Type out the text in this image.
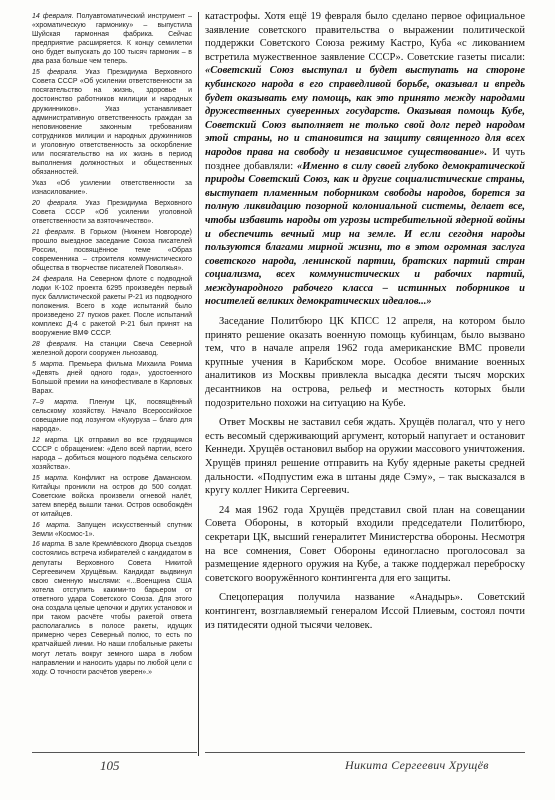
14 февраля. Полуавтоматический инструмент – «хроматическую гармонику» – выпустила Шуйская гармонная фабрика. Сейчас предприятие расширяется. К концу семилетки оно будет выпускать до 100 тысяч гармоник – в два раза больше чем теперь.

15 февраля. Указ Президиума Верховного Совета СССР «Об усилении ответственности за посягательство на жизнь, здоровье и достоинство работников милиции и народных дружинников». Указ устанавливает административную ответственность граждан за неповиновение законным требованиям сотрудников милиции и народных дружинников и уголовную ответственность за оскорбление или посягательство на их жизнь в период выполнения должностных и общественных обязанностей.

Указ «Об усилении ответственности за изнасилование».

20 февраля. Указ Президиума Верховного Совета СССР «Об усилении уголовной ответственности за взяточничество».

21 февраля. В Горьком (Нижнем Новгороде) прошло выездное заседание Союза писателей России, посвящённое теме «Образ современника – строителя коммунистического общества в творчестве писателей Поволжья».

24 февраля. На Северном флоте с подводной лодки К-102 проекта 6295 произведён первый пуск баллистической ракеты Р-21 из подводного положения. Всего в ходе испытаний было произведено 27 пусков ракет. После испытаний комплекс Д-4 с ракетой Р-21 был принят на вооружение ВМФ СССР.

28 февраля. На станции Свеча Северной железной дороги сооружен льнозавод.

5 марта. Премьера фильма Михаила Ромма «Девять дней одного года», удостоенного Большой премии на кинофестивале в Карловых Варах.

7–9 марта. Пленум ЦК, посвящённый сельскому хозяйству. Начало Всероссийское совещание под лозунгом «Кукуруза – благо для народа».

12 марта. ЦК отправил во все грудящимся СССР с обращением: «Дело всей партии, всего народа – добиться мощного подъёма сельского хозяйства».

15 марта. Конфликт на острове Даманском. Китайцы проникли на остров до 500 солдат. Советские войска произвели огневой налёт, затем вперёд вышли танки. Остров освобождён от китайцев.

16 марта. Запущен искусственный спутник Земли «Космос-1».

16 марта. В зале Кремлёвского Дворца съездов состоялись встреча избирателей с кандидатом в депутаты Верховного Совета Никитой Сергеевичем Хрущёвым. Кандидат выдвинул свою сменную мыслями: «...Военщина США хотела отступить какими-то барьером от ответного удара Советского Союза. Для этого она создала целые цепочки и других установок и при таком расчёте чтобы ракетой ответа располагались в полосе ракеты, идущих примерно через Северный полюс, то есть по кратчайшей линии. Но наши глобальные ракеты могут летать вокруг земного шара в любом направлении и наносить удары по любой цели с ходу. О точности расчётов уверен».»

катастрофы. Хотя ещё 19 февраля было сделано первое официальное заявление советского правительства о выражении политической поддержки Советского Союза режиму Кастро, Куба «с ликованием встретила мужественное заявление СССР». Советские газеты писали: «Советский Союз выступал и будет выступать на стороне кубинского народа в его справедливой борьбе, оказывал и впредь будет оказывать ему помощь, как это принято между народами дружественных суверенных государств. Оказывая помощь Кубе, Советский Союз выполняет не только свой долг перед народом этой страны, но и становится на защиту священного для всех народов права на свободу и независимое существование». И чуть позднее добавляли: «Именно в силу своей глубоко демократической природы Советский Союз, как и другие социалистические страны, выступает пламенным поборником свободы народов, борется за полную ликвидацию позорной колониальной системы, делает все, чтобы избавить народы от угрозы истребительной ядерной войны и обеспечить вечный мир на земле. И если сегодня народы пользуются благами мирной жизни, то в этом огромная заслуга советского народа, ленинской партии, братских партий стран социализма, всех коммунистических и рабочих партий, международного рабочего класса – истинных поборников и носителей великих демократических идеалов...»

Заседание Политбюро ЦК КПСС 12 апреля, на котором было принято решение оказать военную помощь кубинцам, было вызвано тем, что в начале апреля 1962 года американские ВМС провели крупные учения в Карибском море. Особое внимание военных аналитиков из Москвы привлекла высадка десяти тысяч морских десантников на острова, рельеф и местность которых были подозрительно похожи на ситуацию на Кубе.

Ответ Москвы не заставил себя ждать. Хрущёв полагал, что у него есть весомый сдерживающий аргумент, который напугает и остановит Кеннеди. Хрущёв остановил выбор на оружии массового уничтожения. Хрущёв принял решение отправить на Кубу ядерные ракеты средней дальности. «Подпустим ежа в штаны дяде Сэму», – так высказался в кругу коллег Никита Сергеевич.

24 мая 1962 года Хрущёв представил свой план на совещании Совета Обороны, в который входили председатели Политбюро, секретари ЦК, высший генералитет Министерства обороны. Несмотря на все сомнения, Совет Обороны единогласно проголосовал за размещение ядерного оружия на Кубе, а также поддержал переброску советского вооружённого контингента для его защиты.

Спецоперация получила название «Анадырь». Советский контингент, возглавляемый генералом Иссой Плиевым, состоял почти из пятидесяти одной тысячи человек.

105	Никита Сергеевич Хрущёв
